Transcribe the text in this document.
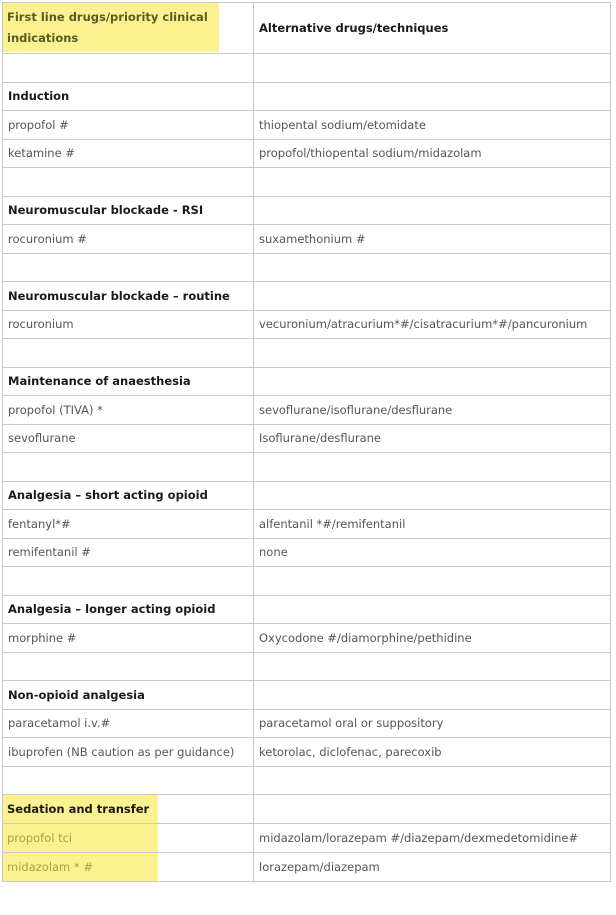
First line drugs/priority clinical indications	Alternative drugs/techniques

Induction	
propofol #	thiopental sodium/etomidate
ketamine #	propofol/thiopental sodium/midazolam

Neuromuscular blockade - RSI	
rocuronium #	suxamethonium #

Neuromuscular blockade – routine	
rocuronium	vecuronium/atracurium*#/cisatracurium*#/pancuronium

Maintenance of anaesthesia	
propofol (TIVA) *	sevoflurane/isoflurane/desflurane
sevoflurane	Isoflurane/desflurane

Analgesia – short acting opioid	
fentanyl*#	alfentanil *#/remifentanil
remifentanil #	none

Analgesia – longer acting opioid	
morphine #	Oxycodone #/diamorphine/pethidine

Non-opioid analgesia	
paracetamol i.v.#	paracetamol oral or suppository
ibuprofen (NB caution as per guidance)	ketorolac, diclofenac, parecoxib

Sedation and transfer	
propofol tci	midazolam/lorazepam #/diazepam/dexmedetomidine#
midazolam * #	lorazepam/diazepam
